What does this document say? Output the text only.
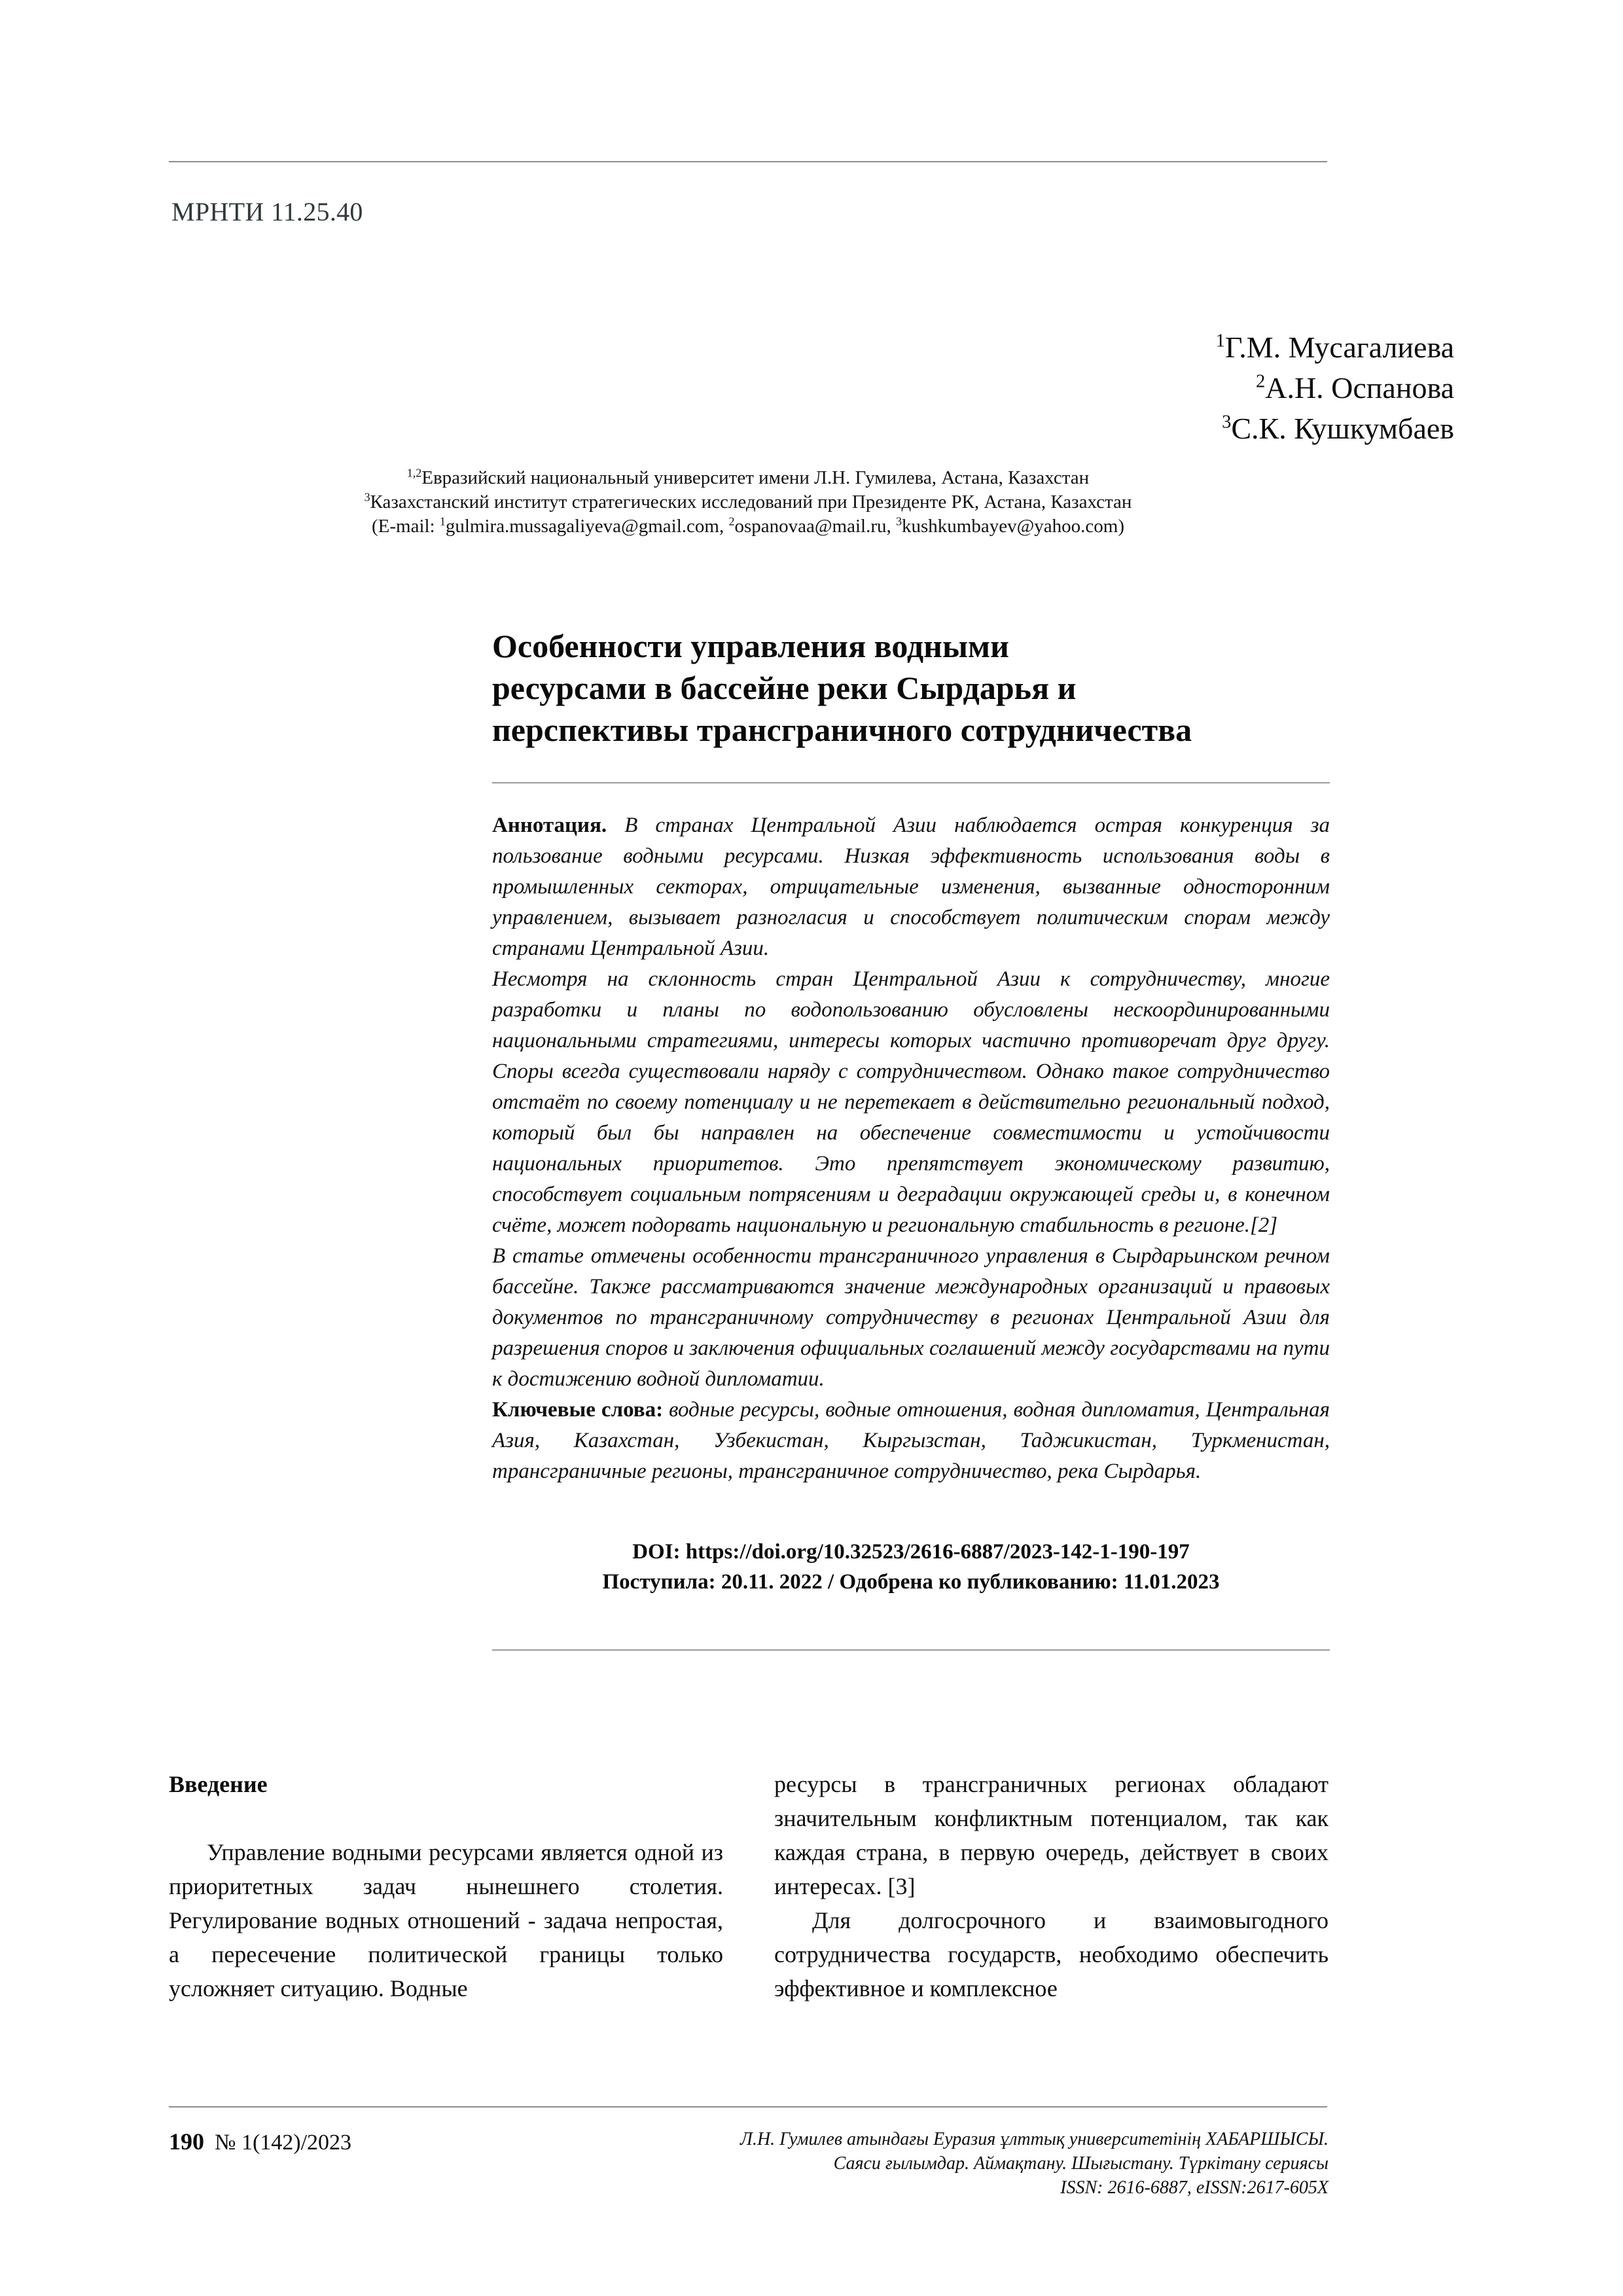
МРНТИ 11.25.40
$^1$Г.М. Мусагалиева
$^2$А.Н. Оспанова
$^3$С.К. Кушкумбаев
$^{1,2}$Евразийский национальный университет имени Л.Н. Гумилева, Астана, Казахстан
$^3$Казахстанский институт стратегических исследований при Президенте РК, Астана, Казахстан
(E-mail: $^1$gulmira.mussagaliyeva@gmail.com, $^2$ospanovaa@mail.ru, $^3$kushkumbayev@yahoo.com)
Особенности управления водными
ресурсами в бассейне реки Сырдарья и
перспективы трансграничного сотрудничества

Аннотация. В странах Центральной Азии наблюдается острая конкуренция за пользование водными ресурсами. Низкая эффективность использования воды в промышленных секторах, отрицательные изменения, вызванные односторонним управлением, вызывает разногласия и способствует политическим спорам между странами Центральной Азии.

Несмотря на склонность стран Центральной Азии к сотрудничеству, многие разработки и планы по водопользованию обусловлены нескоординированными национальными стратегиями, интересы которых частично противоречат друг другу. Споры всегда существовали наряду с сотрудничеством. Однако такое сотрудничество отстаёт по своему потенциалу и не перетекает в действительно региональный подход, который был бы направлен на обеспечение совместимости и устойчивости национальных приоритетов. Это препятствует экономическому развитию, способствует социальным потрясениям и деградации окружающей среды и, в конечном счёте, может подорвать национальную и региональную стабильность в регионе.[2]

В статье отмечены особенности трансграничного управления в Сырдарьинском речном бассейне. Также рассматриваются значение международных организаций и правовых документов по трансграничному сотрудничеству в регионах Центральной Азии для разрешения споров и заключения официальных соглашений между государствами на пути к достижению водной дипломатии.

Ключевые слова: водные ресурсы, водные отношения, водная дипломатия, Центральная Азия, Казахстан, Узбекистан, Кыргызстан, Таджикистан, Туркменистан, трансграничные регионы, трансграничное сотрудничество, река Сырдарья.

DOI: https://doi.org/10.32523/2616-6887/2023-142-1-190-197
Поступила: 20.11. 2022 / Одобрена ко публикованию: 11.01.2023
Введение

Управление водными ресурсами является одной из приоритетных задач нынешнего столетия. Регулирование водных отношений - задача непростая, а пересечение политической границы только усложняет ситуацию. Водные

ресурсы в трансграничных регионах обладают значительным конфликтным потенциалом, так как каждая страна, в первую очередь, действует в своих интересах. [3]

Для долгосрочного и взаимовыгодного сотрудничества государств, необходимо обеспечить эффективное и комплексное

190 № 1(142)/2023	Л.Н. Гумилев атындағы Еуразия ұлттық университетінің ХАБАРШЫСЫ.
Саяси ғылымдар. Аймақтану. Шығыстану. Түркітану сериясы
ISSN: 2616-6887, eISSN:2617-605X
